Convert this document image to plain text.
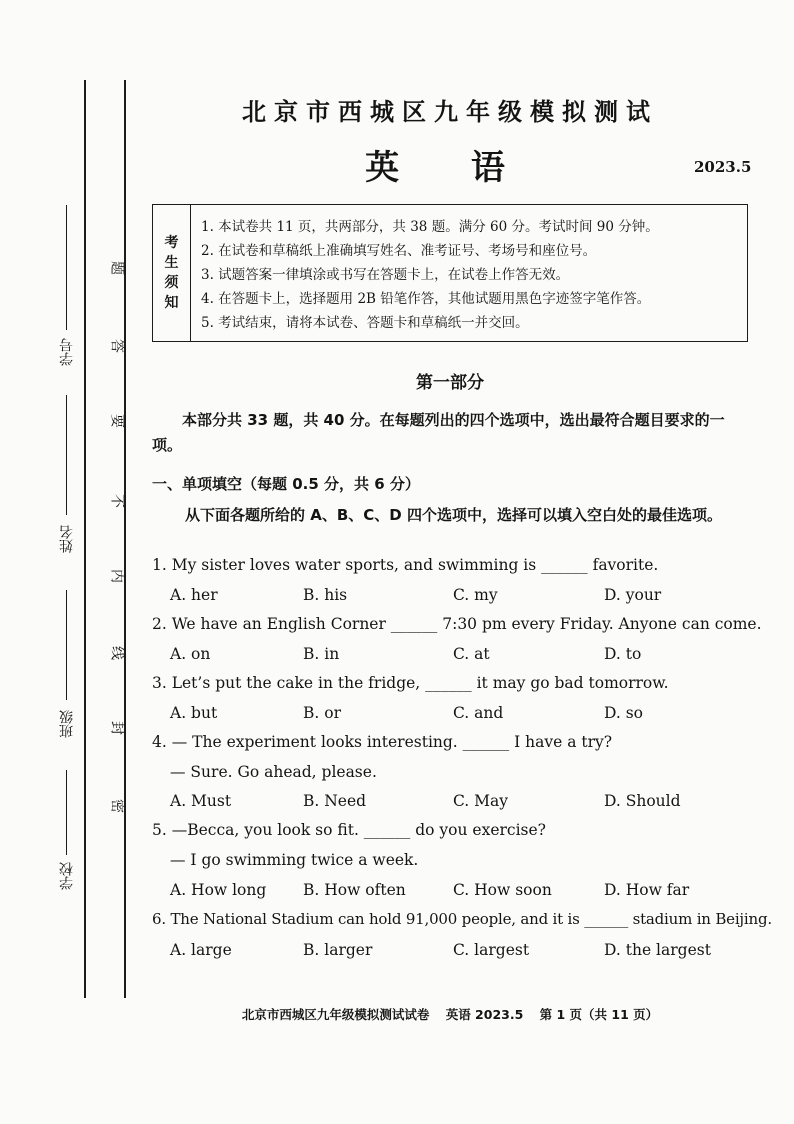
学号
姓名
班级
学校
题
答
要
不
内
线
封
密
北京市西城区九年级模拟测试
英 语	2023.5
考
生
须
知
1. 本试卷共 11 页，共两部分，共 38 题。满分 60 分。考试时间 90 分钟。
2. 在试卷和草稿纸上准确填写姓名、准考证号、考场号和座位号。
3. 试题答案一律填涂或书写在答题卡上，在试卷上作答无效。
4. 在答题卡上，选择题用 2B 铅笔作答，其他试题用黑色字迹签字笔作答。
5. 考试结束，请将本试卷、答题卡和草稿纸一并交回。
第一部分
本部分共 33 题，共 40 分。在每题列出的四个选项中，选出最符合题目要求的一项。
一、单项填空（每题 0.5 分，共 6 分）
从下面各题所给的 A、B、C、D 四个选项中，选择可以填入空白处的最佳选项。
1. My sister loves water sports, and swimming is ______ favorite.
A. her	B. his	C. my	D. your
2. We have an English Corner ______ 7:30 pm every Friday. Anyone can come.
A. on	B. in	C. at	D. to
3. Let’s put the cake in the fridge, ______ it may go bad tomorrow.
A. but	B. or	C. and	D. so
4. — The experiment looks interesting. ______ I have a try?
— Sure. Go ahead, please.
A. Must	B. Need	C. May	D. Should
5. —Becca, you look so fit. ______ do you exercise?
— I go swimming twice a week.
A. How long B. How often	C. How soon	D. How far
6. The National Stadium can hold 91,000 people, and it is ______ stadium in Beijing.
A. large	B. larger	C. largest	D. the largest
北京市西城区九年级模拟测试试卷 英语 2023.5 第 1 页（共 11 页）
